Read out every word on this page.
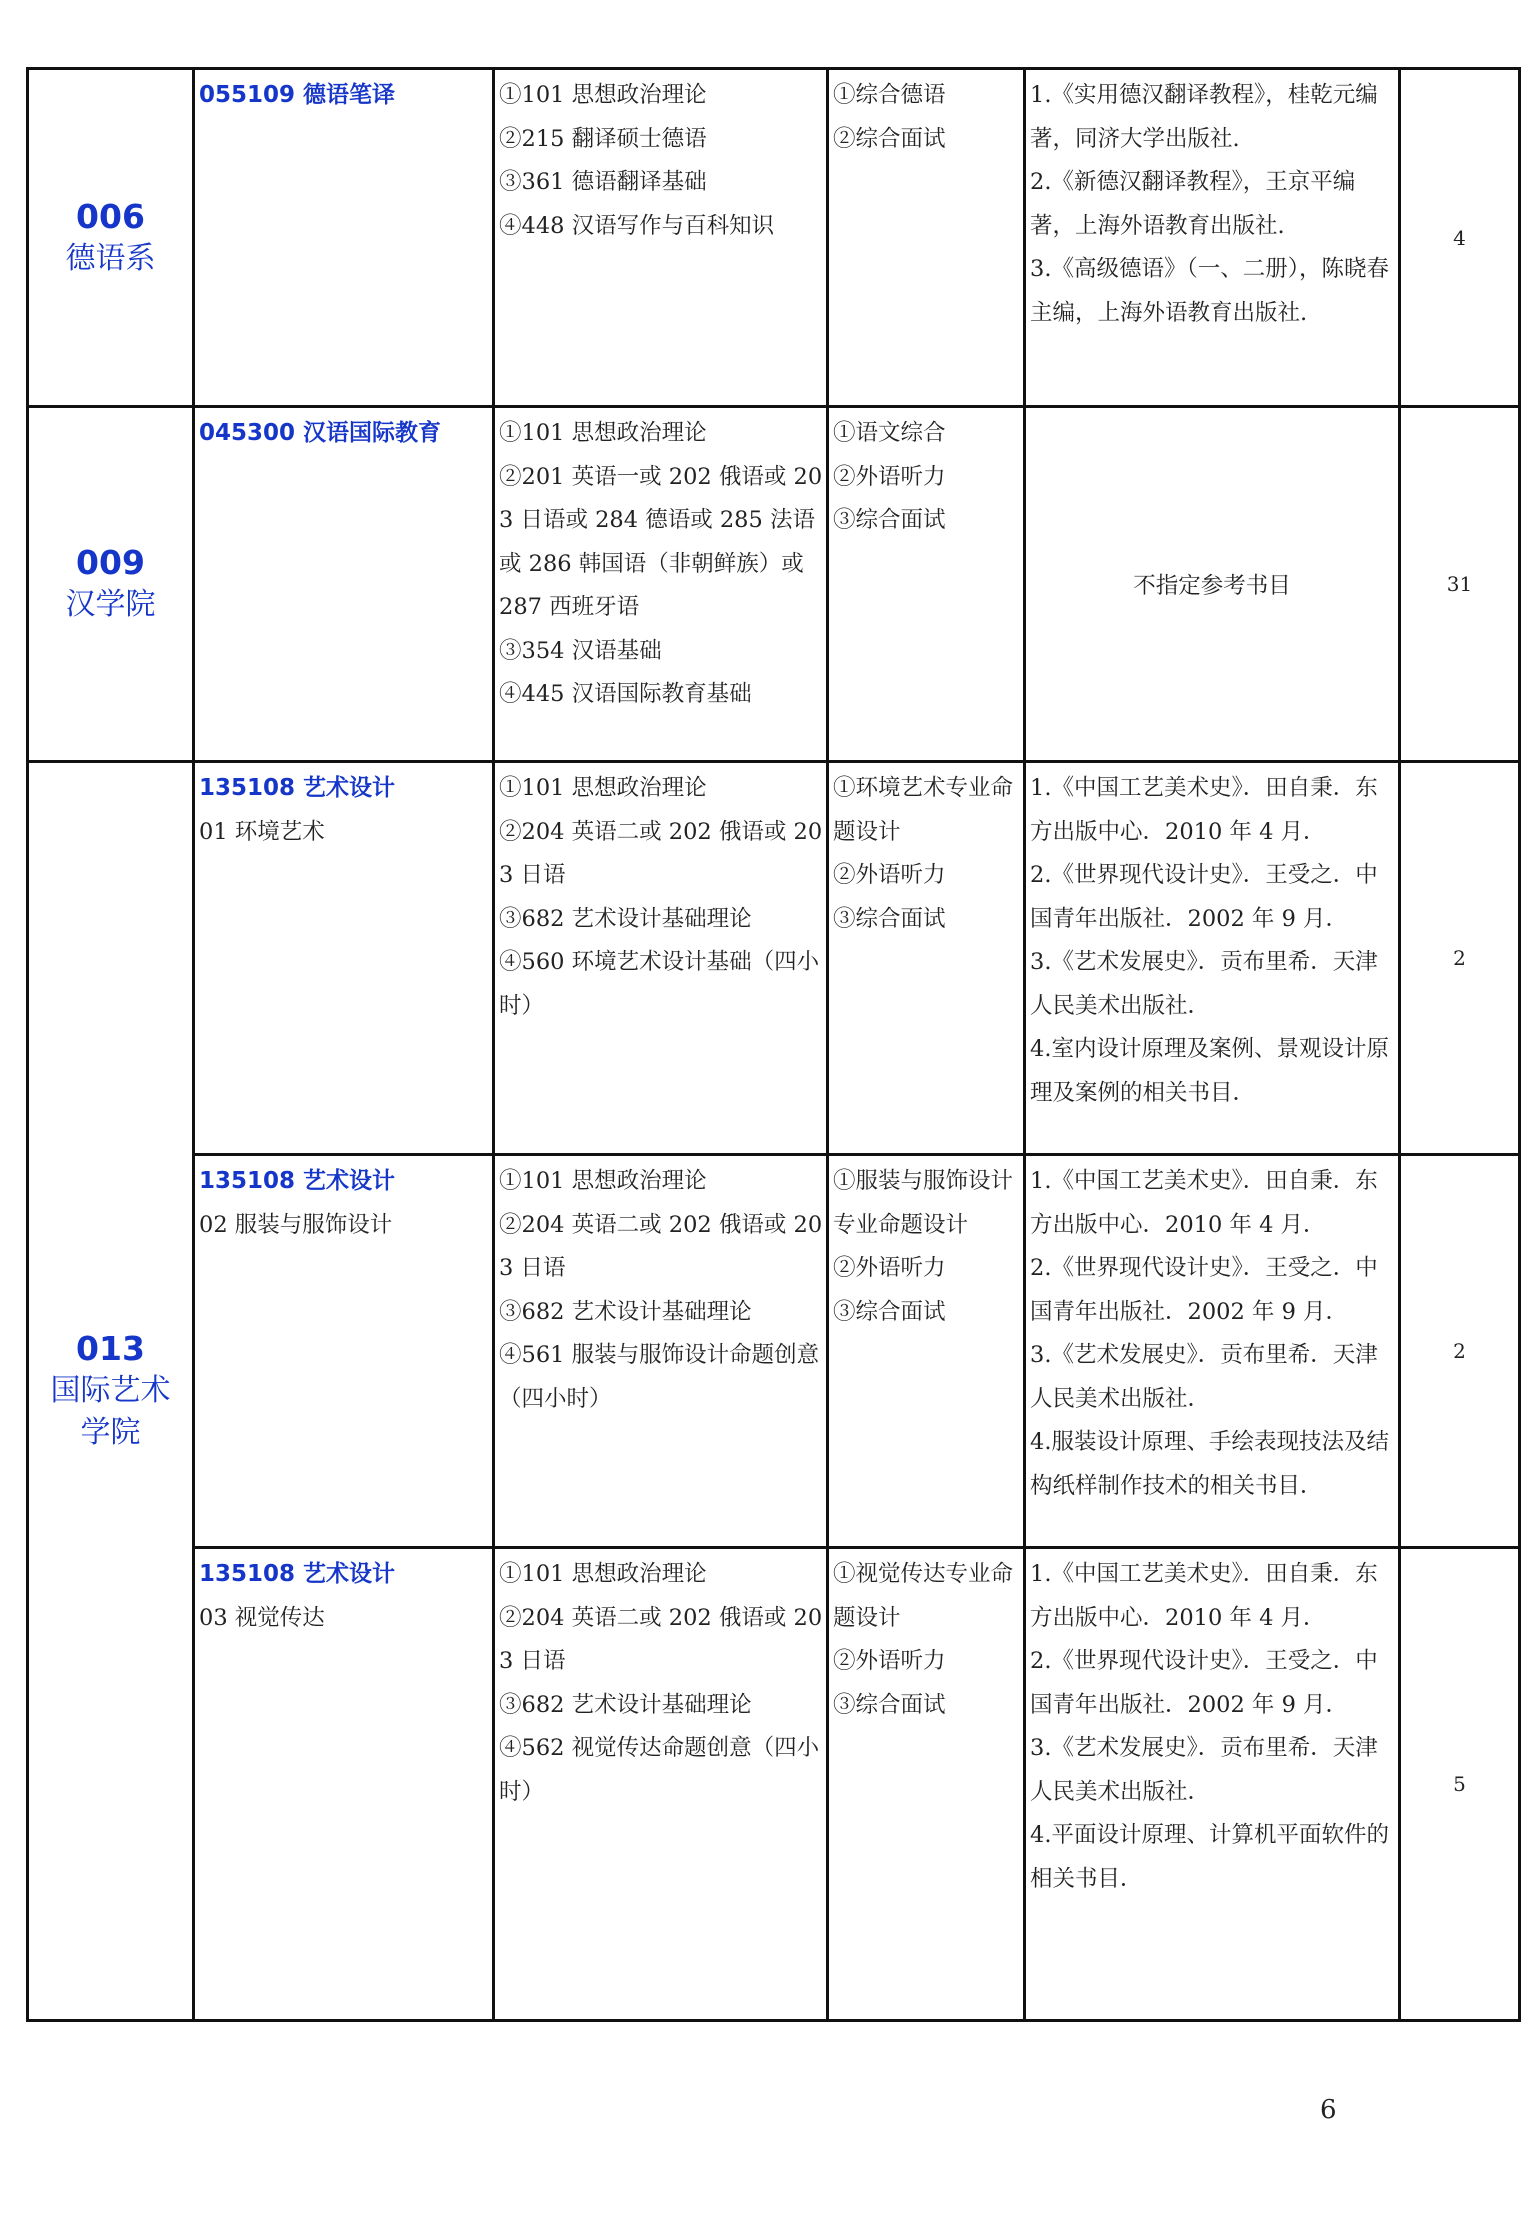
006
德语系	055109 德语笔译	①101 思想政治理论
②215 翻译硕士德语
③361 德语翻译基础
④448 汉语写作与百科知识	①综合德语
②综合面试	1.《实用德汉翻译教程》，桂乾元编著，同济大学出版社.
2.《新德汉翻译教程》，王京平编著，上海外语教育出版社.
3.《高级德语》（一、二册），陈晓春主编，上海外语教育出版社.	4

009
汉学院	045300 汉语国际教育	①101 思想政治理论
②201 英语一或 202 俄语或 203 日语或 284 德语或 285 法语或 286 韩国语（非朝鲜族）或 287 西班牙语
③354 汉语基础
④445 汉语国际教育基础	①语文综合
②外语听力
③综合面试	不指定参考书目	31

013
国际艺术学院	135108 艺术设计
01 环境艺术	①101 思想政治理论
②204 英语二或 202 俄语或 203 日语
③682 艺术设计基础理论
④560 环境艺术设计基础（四小时）	①环境艺术专业命题设计
②外语听力
③综合面试	1.《中国工艺美术史》．田自秉．东方出版中心．2010 年 4 月．
2.《世界现代设计史》．王受之．中国青年出版社．2002 年 9 月．
3.《艺术发展史》．贡布里希．天津人民美术出版社．
4.室内设计原理及案例、景观设计原理及案例的相关书目．	2

	135108 艺术设计
02 服装与服饰设计	①101 思想政治理论
②204 英语二或 202 俄语或 203 日语
③682 艺术设计基础理论
④561 服装与服饰设计命题创意（四小时）	①服装与服饰设计专业命题设计
②外语听力
③综合面试	1.《中国工艺美术史》．田自秉．东方出版中心．2010 年 4 月．
2.《世界现代设计史》．王受之．中国青年出版社．2002 年 9 月．
3.《艺术发展史》．贡布里希．天津人民美术出版社．
4.服装设计原理、手绘表现技法及结构纸样制作技术的相关书目．	2

	135108 艺术设计
03 视觉传达	①101 思想政治理论
②204 英语二或 202 俄语或 203 日语
③682 艺术设计基础理论
④562 视觉传达命题创意（四小时）	①视觉传达专业命题设计
②外语听力
③综合面试	1.《中国工艺美术史》．田自秉．东方出版中心．2010 年 4 月．
2.《世界现代设计史》．王受之．中国青年出版社．2002 年 9 月．
3.《艺术发展史》．贡布里希．天津人民美术出版社．
4.平面设计原理、计算机平面软件的相关书目．	5
6
